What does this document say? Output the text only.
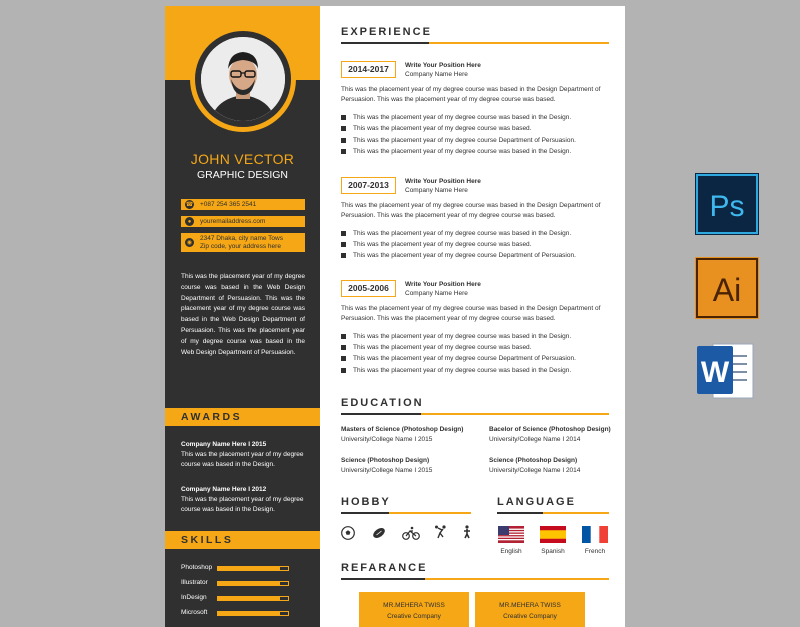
JOHN VECTOR
GRAPHIC DESIGN
☎ +087 254 365 2541
●	youremailaddress.com
◉
2347 Dhaka, city name Tows
Zip code, your address here
This was the placement year of my degree course was based in the Web Design Department of Persuasion. This was the placement year of my degree course was based in the Web Design Department of Persuasion. This was the placement year of my degree course was based in the Web Design Department of Persuasion.
AWARDS
Company Name Here I 2015
This was the placement year of my degree course was based in the Design.
Company Name Here I 2012
This was the placement year of my degree course was based in the Design.
SKILLS
Photoshop
Illustrator
InDesign
Microsoft
EXPERIENCE
2014-2017	Write Your Position Here
Company Name Here
This was the placement year of my degree course was based in the Design Department of Persuasion. This was the placement year of my degree course was based.
This was the placement year of my degree course was based in the Design.
This was the placement year of my degree course was based.
This was the placement year of my degree course Department of Persuasion.
This was the placement year of my degree course was based in the Design.
2007-2013	Write Your Position Here
Company Name Here
This was the placement year of my degree course was based in the Design Department of Persuasion. This was the placement year of my degree course was based.
This was the placement year of my degree course was based in the Design.
This was the placement year of my degree course was based.
This was the placement year of my degree course Department of Persuasion.
2005-2006	Write Your Position Here
Company Name Here
This was the placement year of my degree course was based in the Design Department of Persuasion. This was the placement year of my degree course was based.
This was the placement year of my degree course was based in the Design.
This was the placement year of my degree course was based.
This was the placement year of my degree course Department of Persuasion.
This was the placement year of my degree course was based in the Design.
EDUCATION
Masters of Science (Photoshop Design)
University/College Name I 2015
Bacelor of Science (Photoshop Design)
University/College Name I 2014
Science (Photoshop Design)
University/College Name I 2015
Science (Photoshop Design)
University/College Name I 2014
HOBBY	LANGUAGE
English	Spanish	French
REFARANCE
MR.MEHERA TWISS
Creative Company
MR.MEHERA TWISS
Creative Company
Ps
Ai
W
